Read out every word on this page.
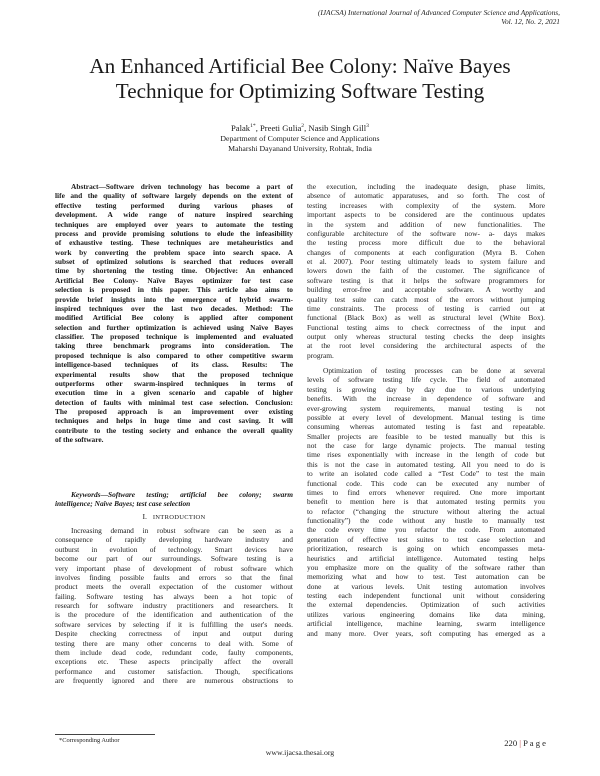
(IJACSA) International Journal of Advanced Computer Science and Applications,
Vol. 12, No. 2, 2021
An Enhanced Artificial Bee Colony: Naïve Bayes
Technique for Optimizing Software Testing
Palak$^{1*}$, Preeti Gulia$^2$, Nasib Singh Gill$^3$
Department of Computer Science and Applications
Maharshi Dayanand University, Rohtak, India
Abstract—Software driven technology has become a part of
life and the quality of software largely depends on the extent of
effective testing performed during various phases of
development. A wide range of nature inspired searching
techniques are employed over years to automate the testing
process and provide promising solutions to elude the infeasibility
of exhaustive testing. These techniques are metaheuristics and
work by converting the problem space into search space. A
subset of optimized solutions is searched that reduces overall
time by shortening the testing time. Objective: An enhanced
Artificial Bee Colony- Naïve Bayes optimizer for test case
selection is proposed in this paper. This article also aims to
provide brief insights into the emergence of hybrid swarm-
inspired techniques over the last two decades. Method: The
modified Artificial Bee colony is applied after component
selection and further optimization is achieved using Naïve Bayes
classifier. The proposed technique is implemented and evaluated
taking three benchmark programs into consideration. The
proposed technique is also compared to other competitive swarm
intelligence-based techniques of its class. Results: The
experimental results show that the proposed technique
outperforms other swarm-inspired techniques in terms of
execution time in a given scenario and capable of higher
detection of faults with minimal test case selection. Conclusion:
The proposed approach is an improvement over existing
techniques and helps in huge time and cost saving. It will
contribute to the testing society and enhance the overall quality
of the software.
Keywords—Software testing; artificial bee colony; swarm
intelligence; Naïve Bayes; test case selection
I. INTRODUCTION
Increasing demand in robust software can be seen as a
consequence of rapidly developing hardware industry and
outburst in evolution of technology. Smart devices have
become our part of our surroundings. Software testing is a
very important phase of development of robust software which
involves finding possible faults and errors so that the final
product meets the overall expectation of the customer without
failing. Software testing has always been a hot topic of
research for software industry practitioners and researchers. It
is the procedure of the identification and authentication of the
software services by selecting if it is fulfilling the user's needs.
Despite checking correctness of input and output during
testing there are many other concerns to deal with. Some of
them include dead code, redundant code, faulty components,
exceptions etc. These aspects principally affect the overall
performance and customer satisfaction. Though, specifications
are frequently ignored and there are numerous obstructions to
*Corresponding Author
the execution, including the inadequate design, phase limits,
absence of automatic apparatuses, and so forth. The cost of
testing increases with complexity of the system. More
important aspects to be considered are the continuous updates
in the system and addition of new functionalities. The
configurable architecture of the software now- a- days makes
the testing process more difficult due to the behavioral
changes of components at each configuration (Myra B. Cohen
et al. 2007). Poor testing ultimately leads to system failure and
lowers down the faith of the customer. The significance of
software testing is that it helps the software programmers for
building error-free and acceptable software. A worthy and
quality test suite can catch most of the errors without jumping
time constraints. The process of testing is carried out at
functional (Black Box) as well as structural level (White Box).
Functional testing aims to check correctness of the input and
output only whereas structural testing checks the deep insights
at the root level considering the architectural aspects of the
program.
Optimization of testing processes can be done at several
levels of software testing life cycle. The field of automated
testing is growing day by day due to various underlying
benefits. With the increase in dependence of software and
ever-growing system requirements, manual testing is not
possible at every level of development. Manual testing is time
consuming whereas automated testing is fast and repeatable.
Smaller projects are feasible to be tested manually but this is
not the case for large dynamic projects. The manual testing
time rises exponentially with increase in the length of code but
this is not the case in automated testing. All you need to do is
to write an isolated code called a “Test Code” to test the main
functional code. This code can be executed any number of
times to find errors whenever required. One more important
benefit to mention here is that automated testing permits you
to refactor (“changing the structure without altering the actual
functionality”) the code without any hustle to manually test
the code every time you refactor the code. From automated
generation of effective test suites to test case selection and
prioritization, research is going on which encompasses meta-
heuristics and artificial intelligence. Automated testing helps
you emphasize more on the quality of the software rather than
memorizing what and how to test. Test automation can be
done at various levels. Unit testing automation involves
testing each independent functional unit without considering
the external dependencies. Optimization of such activities
utilizes various engineering domains like data mining,
artificial intelligence, machine learning, swarm intelligence
and many more. Over years, soft computing has emerged as a
220 | P a g e
www.ijacsa.thesai.org
